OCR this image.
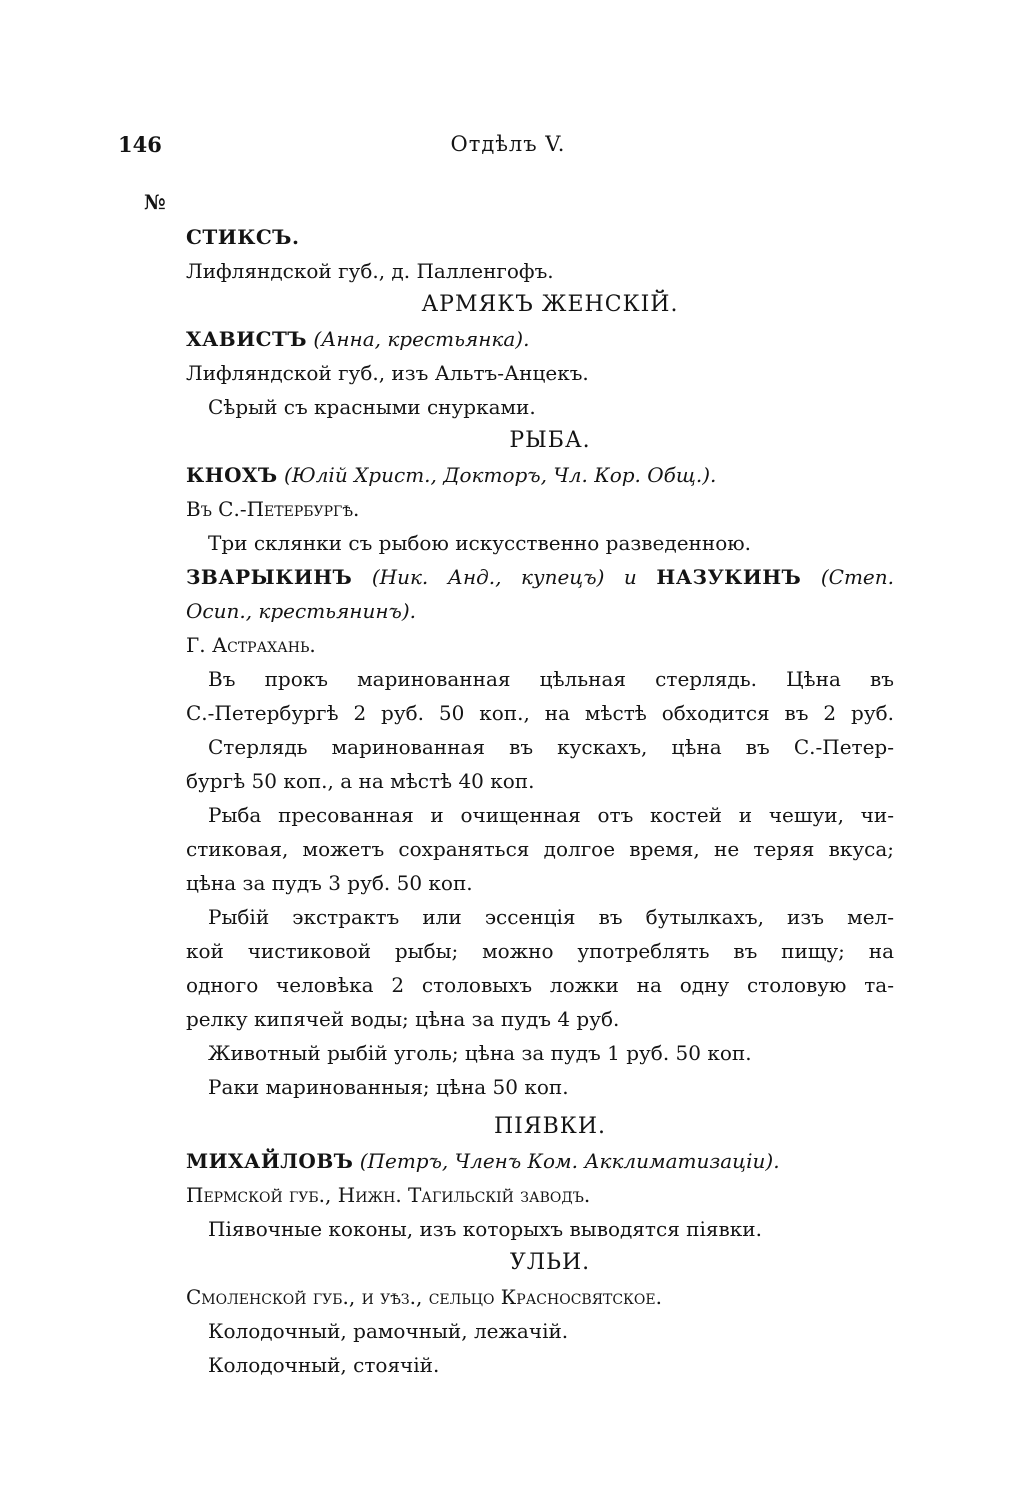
146	Отдѣлъ V.
№
СТИКСЪ.
Лифляндской губ., д. Палленгофъ.
АРМЯКЪ ЖЕНСКІЙ.
ХАВИСТЪ (Анна, крестьянка).
Лифляндской губ., изъ Альтъ-Анцекъ.
Сѣрый съ красными снурками.
РЫБА.
КНОХЪ (Юлій Христ., Докторъ, Чл. Кор. Общ.).
Въ С.-Петербургѣ.
Три склянки съ рыбою искусственно разведенною.
ЗВАРЫКИНЪ (Ник. Анд., купецъ) и НАЗУКИНЪ (Степ.
Осип., крестьянинъ).
Г. Астрахань.
Въ прокъ маринованная цѣльная стерлядь. Цѣна въ
С.-Петербургѣ 2 руб. 50 коп., на мѣстѣ обходится въ 2 руб.
Стерлядь маринованная въ кускахъ, цѣна въ С.-Петер-
бургѣ 50 коп., а на мѣстѣ 40 коп.
Рыба пресованная и очищенная отъ костей и чешуи, чи-
стиковая, можетъ сохраняться долгое время, не теряя вкуса;
цѣна за пудъ 3 руб. 50 коп.
Рыбій экстрактъ или эссенція въ бутылкахъ, изъ мел-
кой чистиковой рыбы; можно употреблять въ пищу; на
одного человѣка 2 столовыхъ ложки на одну столовую та-
релку кипячей воды; цѣна за пудъ 4 руб.
Животный рыбій уголь; цѣна за пудъ 1 руб. 50 коп.
Раки маринованныя; цѣна 50 коп.
ПІЯВКИ.
МИХАЙЛОВЪ (Петръ, Членъ Ком. Акклиматизаціи).
Пермской губ., Нижн. Тагильскій заводъ.
Піявочные коконы, изъ которыхъ выводятся піявки.
УЛЬИ.
Смоленской губ., и уѣз., сельцо Красносвятское.
Колодочный, рамочный, лежачій.
Колодочный, стоячій.
